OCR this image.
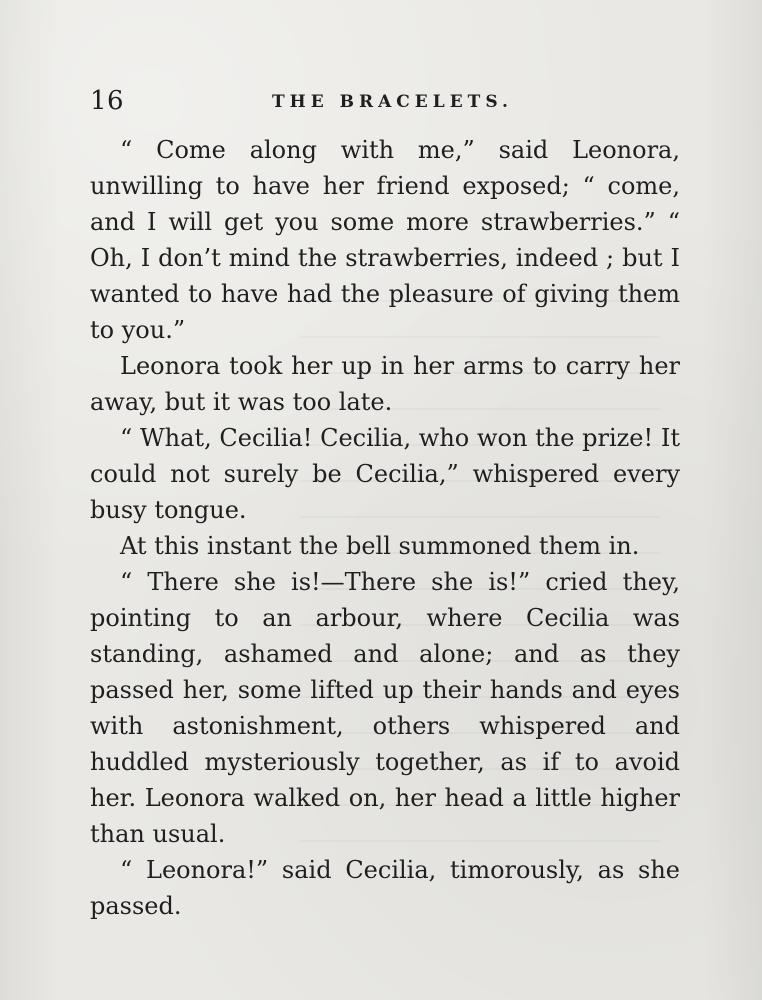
16	THE BRACELETS.

“ Come along with me,” said Leonora, unwilling to have her friend exposed; “ come, and I will get you some more strawberries.” “ Oh, I don’t mind the strawberries, indeed ; but I wanted to have had the pleasure of giving them to you.”

Leonora took her up in her arms to carry her away, but it was too late.

“ What, Cecilia! Cecilia, who won the prize! It could not surely be Cecilia,” whispered every busy tongue.

At this instant the bell summoned them in.

“ There she is!—There she is!” cried they, pointing to an arbour, where Cecilia was standing, ashamed and alone; and as they passed her, some lifted up their hands and eyes with astonishment, others whispered and huddled mysteriously together, as if to avoid her. Leonora walked on, her head a little higher than usual.

“ Leonora!” said Cecilia, timorously, as she passed.
